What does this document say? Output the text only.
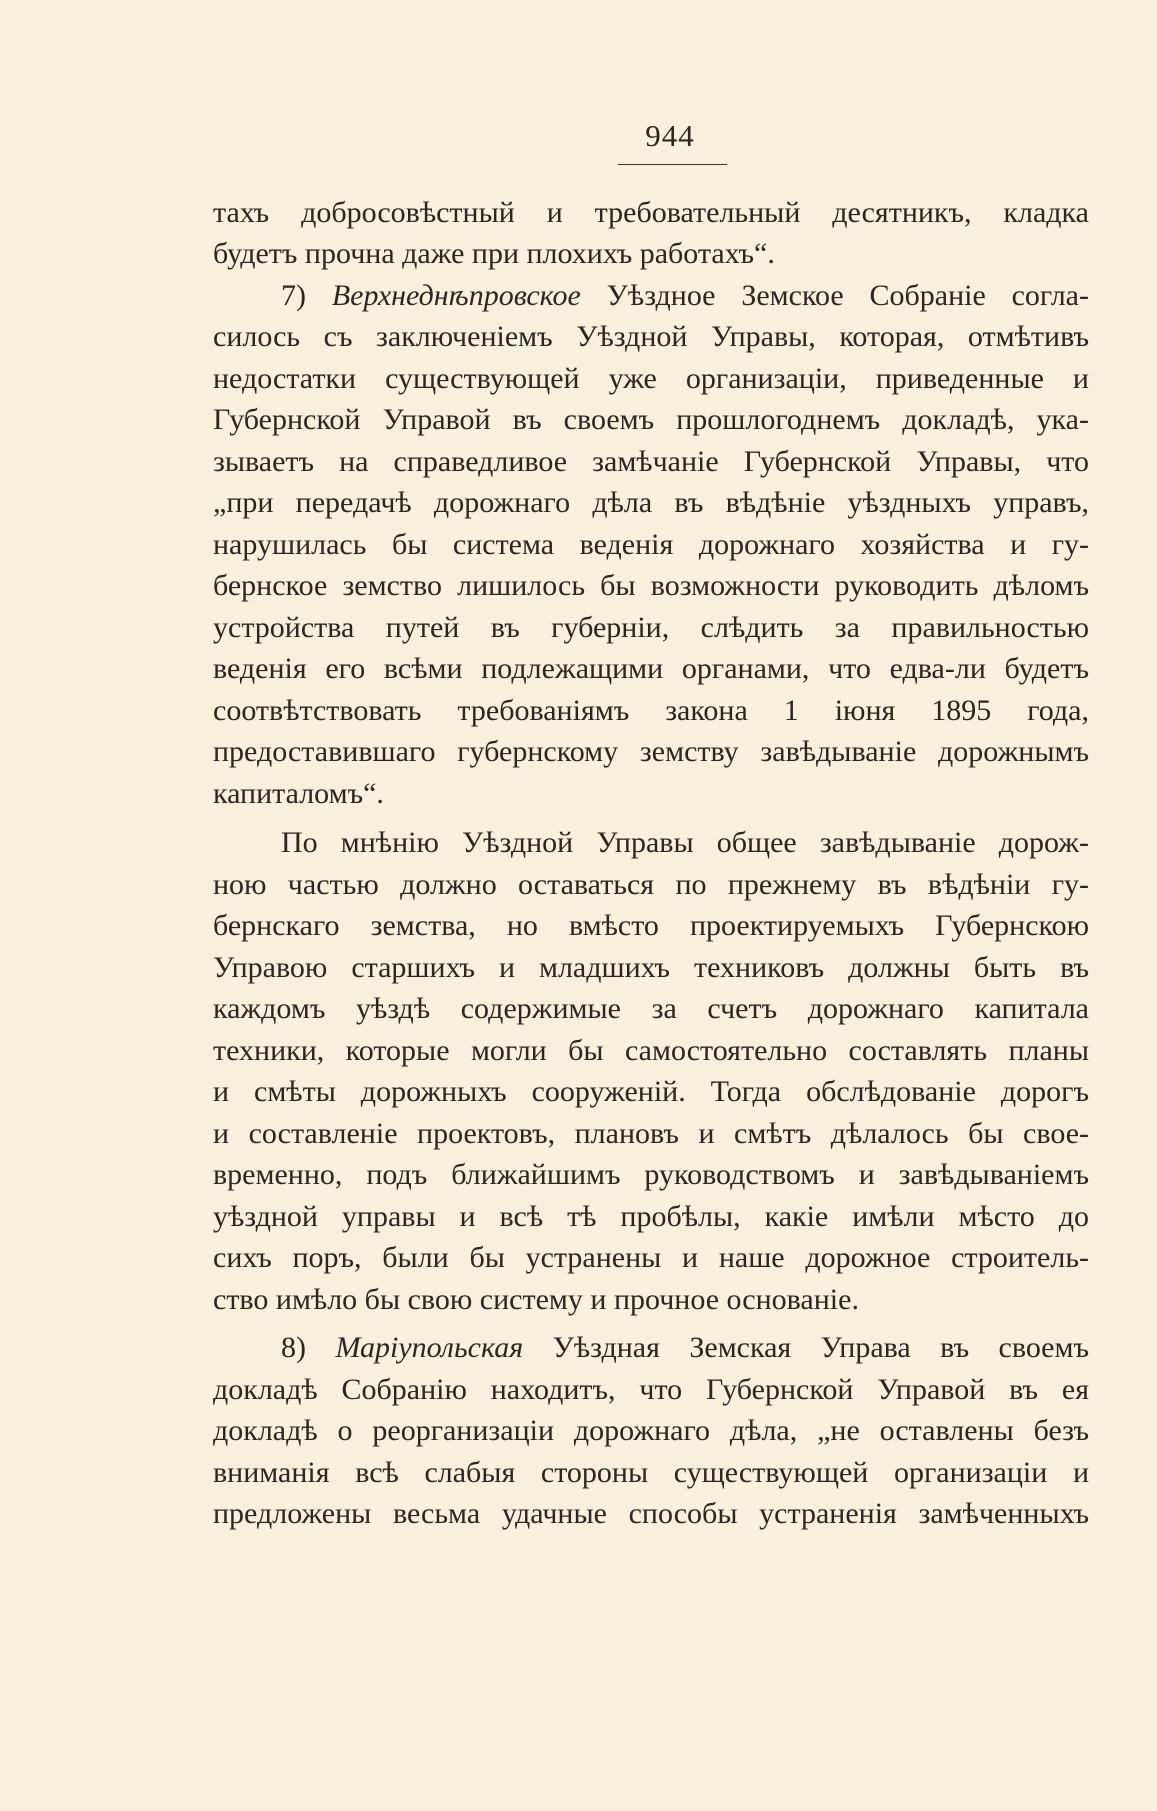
944
тахъ добросовѣстный и требовательный десятникъ, кладка
будетъ прочна даже при плохихъ работахъ“.
7) Верхнеднѣпровское Уѣздное Земское Собраніе согла-
силось съ заключеніемъ Уѣздной Управы, которая, отмѣтивъ
недостатки существующей уже организаціи, приведенные и
Губернской Управой въ своемъ прошлогоднемъ докладѣ, ука-
зываетъ на справедливое замѣчаніе Губернской Управы, что
„при передачѣ дорожнаго дѣла въ вѣдѣніе уѣздныхъ управъ,
нарушилась бы система веденія дорожнаго хозяйства и гу-
бернское земство лишилось бы возможности руководить дѣломъ
устройства путей въ губерніи, слѣдить за правильностью
веденія его всѣми подлежащими органами, что едва-ли будетъ
соотвѣтствовать требованіямъ закона 1 іюня 1895 года,
предоставившаго губернскому земству завѣдываніе дорожнымъ
капиталомъ“.
По мнѣнію Уѣздной Управы общее завѣдываніе дорож-
ною частью должно оставаться по прежнему въ вѣдѣніи гу-
бернскаго земства, но вмѣсто проектируемыхъ Губернскою
Управою старшихъ и младшихъ техниковъ должны быть въ
каждомъ уѣздѣ содержимые за счетъ дорожнаго капитала
техники, которые могли бы самостоятельно составлять планы
и смѣты дорожныхъ сооруженій. Тогда обслѣдованіе дорогъ
и составленіе проектовъ, плановъ и смѣтъ дѣлалось бы свое-
временно, подъ ближайшимъ руководствомъ и завѣдываніемъ
уѣздной управы и всѣ тѣ пробѣлы, какіе имѣли мѣсто до
сихъ поръ, были бы устранены и наше дорожное строитель-
ство имѣло бы свою систему и прочное основаніе.
8) Маріупольская Уѣздная Земская Управа въ своемъ
докладѣ Собранію находитъ, что Губернской Управой въ ея
докладѣ о реорганизаціи дорожнаго дѣла, „не оставлены безъ
вниманія всѣ слабыя стороны существующей организаціи и
предложены весьма удачные способы устраненія замѣченныхъ
